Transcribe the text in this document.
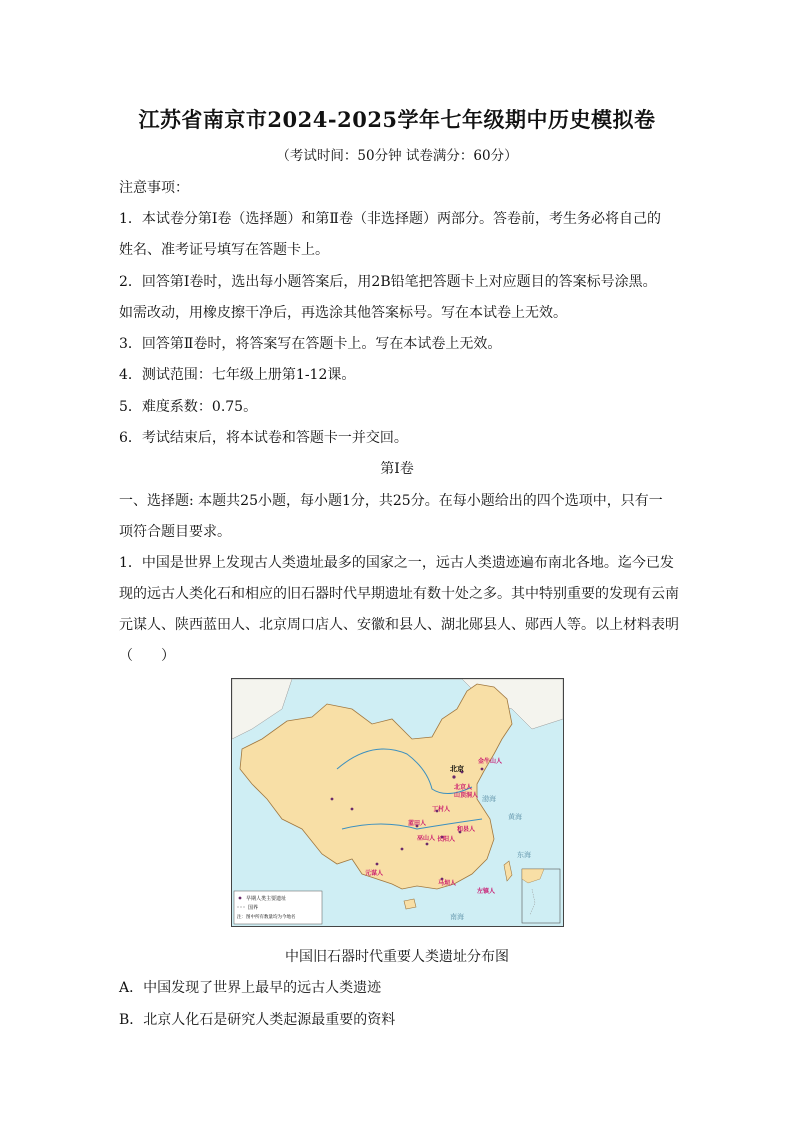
江苏省南京市2024-2025学年七年级期中历史模拟卷
（考试时间：50分钟 试卷满分：60分）
注意事项：
1．本试卷分第Ⅰ卷（选择题）和第Ⅱ卷（非选择题）两部分。答卷前，考生务必将自己的
姓名、准考证号填写在答题卡上。
2．回答第Ⅰ卷时，选出每小题答案后，用2B铅笔把答题卡上对应题目的答案标号涂黑。
如需改动，用橡皮擦干净后，再选涂其他答案标号。写在本试卷上无效。
3．回答第Ⅱ卷时，将答案写在答题卡上。写在本试卷上无效。
4．测试范围：七年级上册第1-12课。
5．难度系数：0.75。
6．考试结束后，将本试卷和答题卡一并交回。
第Ⅰ卷
一、选择题: 本题共25小题，每小题1分，共25分。在每小题给出的四个选项中，只有一
项符合题目要求。
1．中国是世界上发现古人类遗址最多的国家之一，远古人类遗迹遍布南北各地。迄今已发
现的远古人类化石和相应的旧石器时代早期遗址有数十处之多。其中特别重要的发现有云南
元谋人、陕西蓝田人、北京周口店人、安徽和县人、湖北郧县人、郧西人等。以上材料表明
（　　）
北京
金牛山人
北京人
山顶洞人
丁村人
蓝田人
巫山人 长阳人
和县人
元谋人
马坝人
左镇人
渤海
黄海
东海
南海
早期人类主要遗址
国界
注：图中所有数量均为今地名
中国旧石器时代重要人类遗址分布图
A．中国发现了世界上最早的远古人类遗迹
B．北京人化石是研究人类起源最重要的资料
